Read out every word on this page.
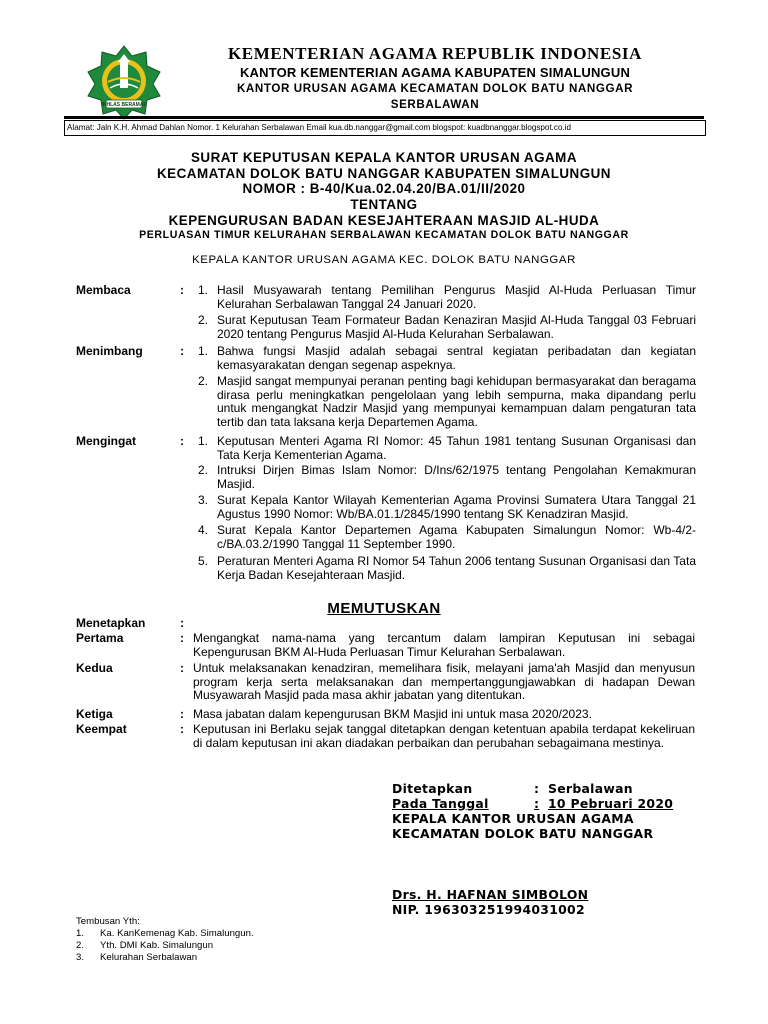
IKHLAS BERAMAL
KEMENTERIAN AGAMA REPUBLIK INDONESIA
KANTOR KEMENTERIAN AGAMA KABUPATEN SIMALUNGUN
KANTOR URUSAN AGAMA KECAMATAN DOLOK BATU NANGGAR
SERBALAWAN
Alamat: Jaln K.H. Ahmad Dahlan Nomor. 1 Kelurahan Serbalawan Email kua.db.nanggar@gmail.com blogspot: kuadbnanggar.blogspot.co.id
SURAT KEPUTUSAN KEPALA KANTOR URUSAN AGAMA
KECAMATAN DOLOK BATU NANGGAR KABUPATEN SIMALUNGUN
NOMOR : B-40/Kua.02.04.20/BA.01/II/2020
TENTANG
KEPENGURUSAN BADAN KESEJAHTERAAN MASJID AL-HUDA
PERLUASAN TIMUR KELURAHAN SERBALAWAN KECAMATAN DOLOK BATU NANGGAR
KEPALA KANTOR URUSAN AGAMA KEC. DOLOK BATU NANGGAR
Membaca	:	1. Hasil Musyawarah tentang Pemilihan Pengurus Masjid Al-Huda Perluasan Timur Kelurahan Serbalawan Tanggal 24 Januari 2020.
2. Surat Keputusan Team Formateur Badan Kenaziran Masjid Al-Huda Tanggal 03 Februari 2020 tentang Pengurus Masjid Al-Huda Kelurahan Serbalawan.
Menimbang	:	1. Bahwa fungsi Masjid adalah sebagai sentral kegiatan peribadatan dan kegiatan kemasyarakatan dengan segenap aspeknya.
2. Masjid sangat mempunyai peranan penting bagi kehidupan bermasyarakat dan beragama dirasa perlu meningkatkan pengelolaan yang lebih sempurna, maka dipandang perlu untuk mengangkat Nadzir Masjid yang mempunyai kemampuan dalam pengaturan tata tertib dan tata laksana kerja Departemen Agama.
Mengingat	:	1. Keputusan Menteri Agama RI Nomor: 45 Tahun 1981 tentang Susunan Organisasi dan Tata Kerja Kementerian Agama.
2. Intruksi Dirjen Bimas Islam Nomor: D/Ins/62/1975 tentang Pengolahan Kemakmuran Masjid.
3. Surat Kepala Kantor Wilayah Kementerian Agama Provinsi Sumatera Utara Tanggal 21 Agustus 1990 Nomor: Wb/BA.01.1/2845/1990 tentang SK Kenadziran Masjid.
4. Surat Kepala Kantor Departemen Agama Kabupaten Simalungun Nomor: Wb-4/2-c/BA.03.2/1990 Tanggal 11 September 1990.
5. Peraturan Menteri Agama RI Nomor 54 Tahun 2006 tentang Susunan Organisasi dan Tata Kerja Badan Kesejahteraan Masjid.
MEMUTUSKAN
Menetapkan	:
Pertama	: Mengangkat nama-nama yang tercantum dalam lampiran Keputusan ini sebagai Kepengurusan BKM Al-Huda Perluasan Timur Kelurahan Serbalawan.
Kedua	: Untuk melaksanakan kenadziran, memelihara fisik, melayani jama'ah Masjid dan menyusun program kerja serta melaksanakan dan mempertanggungjawabkan di hadapan Dewan Musyawarah Masjid pada masa akhir jabatan yang ditentukan.
Ketiga	: Masa jabatan dalam kepengurusan BKM Masjid ini untuk masa 2020/2023.
Keempat	: Keputusan ini Berlaku sejak tanggal ditetapkan dengan ketentuan apabila terdapat kekeliruan di dalam keputusan ini akan diadakan perbaikan dan perubahan sebagaimana mestinya.
Ditetapkan	: Serbalawan
Pada Tanggal	: 10 Pebruari 2020
KEPALA KANTOR URUSAN AGAMA
KECAMATAN DOLOK BATU NANGGAR
Drs. H. HAFNAN SIMBOLON
NIP. 196303251994031002
Tembusan Yth:
1. Ka. KanKemenag Kab. Simalungun.
2. Yth. DMI Kab. Simalungun
3. Kelurahan Serbalawan
